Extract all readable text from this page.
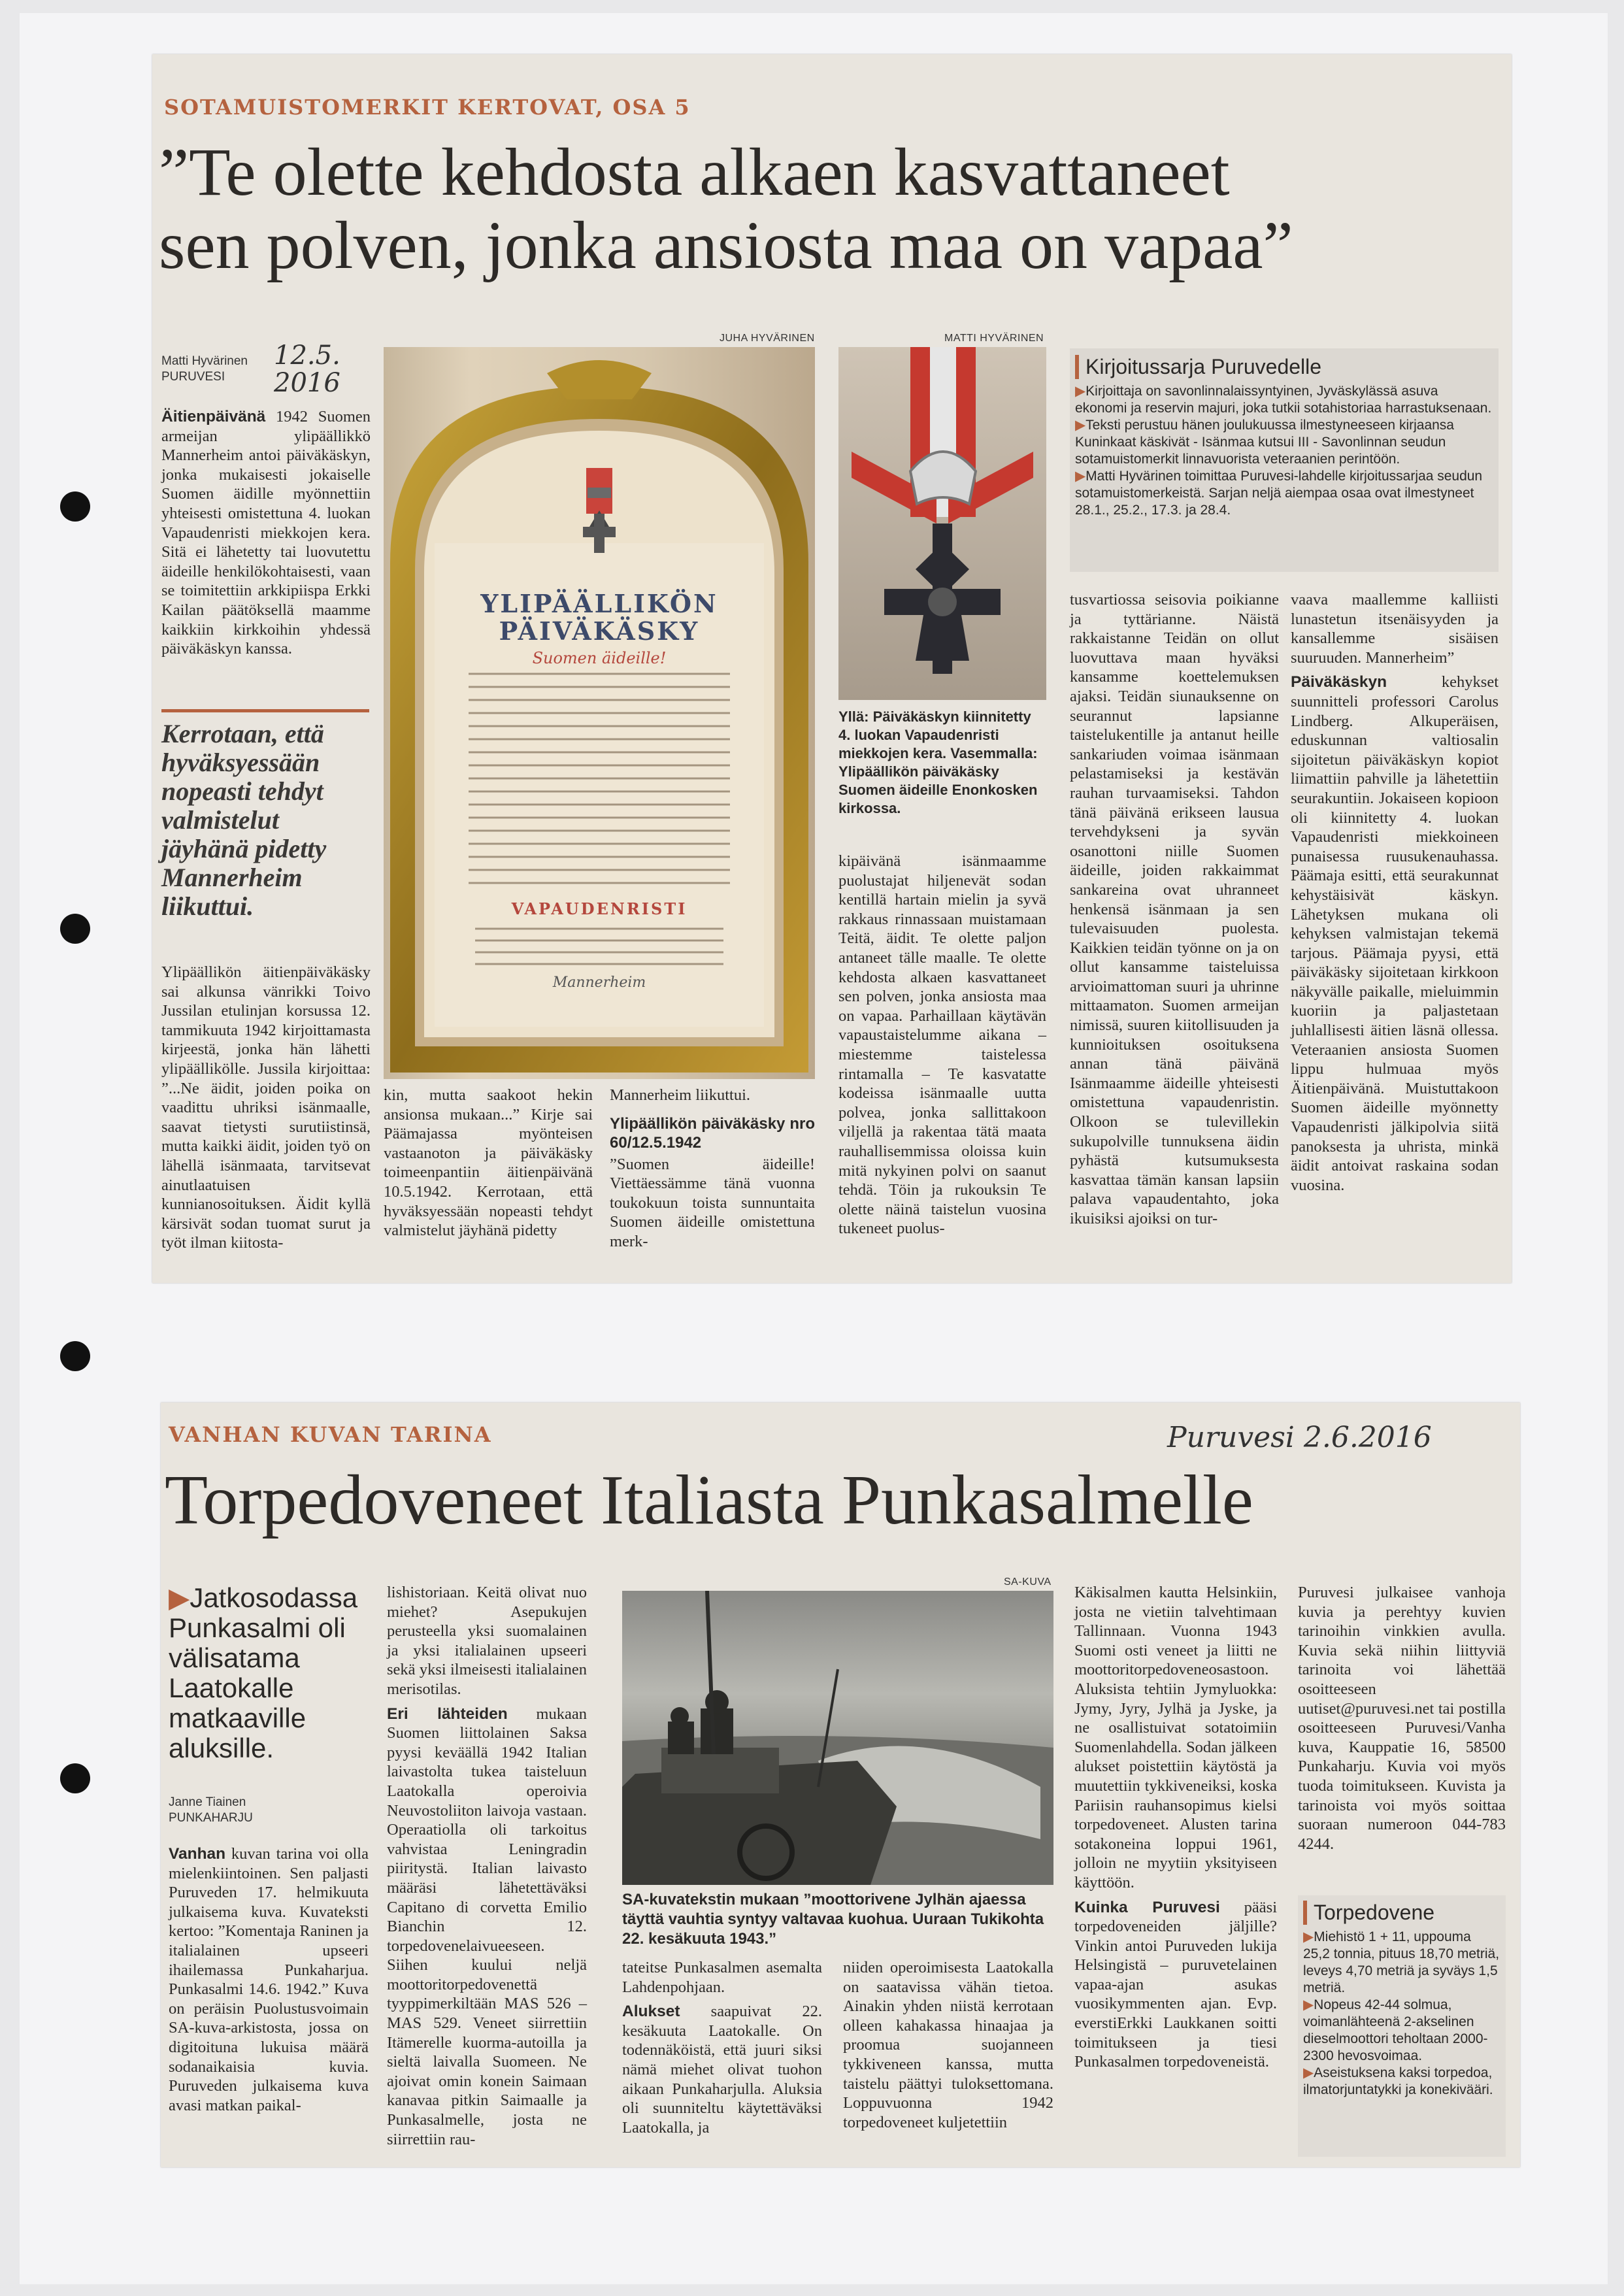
SOTAMUISTOMERKIT KERTOVAT, OSA 5
”Te olette kehdosta alkaen kasvattaneet
sen polven, jonka ansiosta maa on vapaa”
Matti Hyvärinen
PURUVESI
12.5.
2016

Äitienpäivänä 1942 Suomen armeijan ylipäällikkö Mannerheim antoi päiväkäskyn, jonka mukaisesti jokaiselle Suomen äidille myönnettiin yhteisesti omistettuna 4. luokan Vapaudenristi miekkojen kera. Sitä ei lähetetty tai luovutettu äideille henkilökohtaisesti, vaan se toimitettiin arkkipiispa Erkki Kailan päätöksellä maamme kaikkiin kirkkoihin yhdessä päiväkäskyn kanssa.

Kerrotaan, että hyväksyessään nopeasti tehdyt valmistelut jäyhänä pidetty Mannerheim liikuttui.

Ylipäällikön äitienpäiväkäsky sai alkunsa vänrikki Toivo Jussilan etulinjan korsussa 12. tammikuuta 1942 kirjoittamasta kirjeestä, jonka hän lähetti ylipäällikölle. Jussila kirjoittaa: ”...Ne äidit, joiden poika on vaadittu uhriksi isänmaalle, saavat tietysti surutiistinsä, mutta kaikki äidit, joiden työ on lähellä isänmaata, tarvitsevat ainutlaatuisen kunnianosoituksen. Äidit kyllä kärsivät sodan tuomat surut ja työt ilman kiitosta-

JUHA HYVÄRINEN
YLIPÄÄLLIKÖN
PÄIVÄKÄSKY
Suomen äideille!
VAPAUDENRISTI
Mannerheim

kin, mutta saakoot hekin ansionsa mukaan...” Kirje sai Päämajassa myönteisen vastaanoton ja päiväkäsky toimeenpantiin äitienpäivänä 10.5.1942. Kerrotaan, että hyväksyessään nopeasti tehdyt valmistelut jäyhänä pidetty

Mannerheim liikuttui.

Ylipäällikön päiväkäsky nro 60/12.5.1942

”Suomen äideille! Viettäessämme tänä vuonna toukokuun toista sunnuntaita Suomen äideille omistettuna merk-

MATTI HYVÄRINEN
Yllä: Päiväkäskyn kiinnitetty 4. luokan Vapaudenristi miekkojen kera. Vasemmalla: Ylipäällikön päiväkäsky Suomen äideille Enonkosken kirkossa.
Kirjoitussarja Puruvedelle
▶Kirjoittaja on savonlinnalaissyntyinen, Jyväskylässä asuva ekonomi ja reservin majuri, joka tutkii sotahistoriaa harrastuksenaan.
▶Teksti perustuu hänen joulukuussa ilmestyneeseen kirjaansa Kuninkaat käskivät - Isänmaa kutsui III - Savonlinnan seudun sotamuistomerkit linnavuorista veteraanien perintöön.
▶Matti Hyvärinen toimittaa Puruvesi-lahdelle kirjoitussarjaa seudun sotamuistomerkeistä. Sarjan neljä aiempaa osaa ovat ilmestyneet 28.1., 25.2., 17.3. ja 28.4.

kipäivänä isänmaamme puolustajat hiljenevät sodan kentillä hartain mielin ja syvä rakkaus rinnassaan muistamaan Teitä, äidit. Te olette paljon antaneet tälle maalle. Te olette kehdosta alkaen kasvattaneet sen polven, jonka ansiosta maa on vapaa. Parhaillaan käytävän vapaustaistelumme aikana – miestemme taistelessa rintamalla – Te kasvatatte kodeissa isänmaalle uutta polvea, jonka sallittakoon viljellä ja rakentaa tätä maata rauhallisemmissa oloissa kuin mitä nykyinen polvi on saanut tehdä. Töin ja rukouksin Te olette näinä taistelun vuosina tukeneet puolus-

tusvartiossa seisovia poikianne ja tyttärianne. Näistä rakkaistanne Teidän on ollut luovuttava maan hyväksi kansamme koettelemuksen ajaksi. Teidän siunauksenne on seurannut lapsianne taistelukentille ja antanut heille sankariuden voimaa isänmaan pelastamiseksi ja kestävän rauhan turvaamiseksi. Tahdon tänä päivänä erikseen lausua tervehdykseni ja syvän osanottoni niille Suomen äideille, joiden rakkaimmat sankareina ovat uhranneet henkensä isänmaan ja sen tulevaisuuden puolesta. Kaikkien teidän työnne on ja on ollut kansamme taisteluissa arvioimattoman suuri ja uhrinne mittaamaton. Suomen armeijan nimissä, suuren kiitollisuuden ja kunnioituksen osoituksena annan tänä päivänä Isänmaamme äideille yhteisesti omistettuna vapaudenristin. Olkoon se tulevillekin sukupolville tunnuksena äidin pyhästä kutsumuksesta kasvattaa tämän kansan lapsiin palava vapaudentahto, joka ikuisiksi ajoiksi on tur-

vaava maallemme kalliisti lunastetun itsenäisyyden ja kansallemme sisäisen suuruuden. Mannerheim”

Päiväkäskyn kehykset suunnitteli professori Carolus Lindberg. Alkuperäisen, eduskunnan valtiosalin sijoitetun päiväkäskyn kopiot liimattiin pahville ja lähetettiin seurakuntiin. Jokaiseen kopioon oli kiinnitetty 4. luokan Vapaudenristi miekkoineen punaisessa ruusukenauhassa. Päämaja esitti, että seurakunnat kehystäisivät käskyn. Lähetyksen mukana oli kehyksen valmistajan tekemä tarjous. Päämaja pyysi, että päiväkäsky sijoitetaan kirkkoon näkyvälle paikalle, mieluimmin kuoriin ja paljastetaan juhlallisesti äitien läsnä ollessa. Veteraanien ansiosta Suomen lippu hulmuaa myös Äitienpäivänä. Muistuttakoon Suomen äideille myönnetty Vapaudenristi jälkipolvia siitä panoksesta ja uhrista, minkä äidit antoivat raskaina sodan vuosina.

VANHAN KUVAN TARINA	Puruvesi 2.6.2016
Torpedoveneet Italiasta Punkasalmelle
▶Jatkosodassa Punkasalmi oli välisatama Laatokalle matkaaville aluksille.
Janne Tiainen
PUNKAHARJU

Vanhan kuvan tarina voi olla mielenkiintoinen. Sen paljasti Puruveden 17. helmikuuta julkaisema kuva. Kuvateksti kertoo: ”Komentaja Raninen ja italialainen upseeri ihailemassa Punkaharjua. Punkasalmi 14.6. 1942.” Kuva on peräisin Puolustusvoimain SA-kuva-arkistosta, jossa on digitoituna lukuisa määrä sodanaikaisia kuvia. Puruveden julkaisema kuva avasi matkan paikal-

lishistoriaan. Keitä olivat nuo miehet? Asepukujen perusteella yksi suomalainen ja yksi italialainen upseeri sekä yksi ilmeisesti italialainen merisotilas.

Eri lähteiden mukaan Suomen liittolainen Saksa pyysi keväällä 1942 Italian laivastolta tukea taisteluun Laatokalla operoivia Neuvostoliiton laivoja vastaan. Operaatiolla oli tarkoitus vahvistaa Leningradin piiritystä. Italian laivasto määräsi lähetettäväksi Capitano di corvetta Emilio Bianchin 12. torpedovenelaivueeseen. Siihen kuului neljä moottoritorpedovenettä tyyppimerkiltään MAS 526 – MAS 529. Veneet siirrettiin Itämerelle kuorma-autoilla ja sieltä laivalla Suomeen. Ne ajoivat omin konein Saimaan kanavaa pitkin Saimaalle ja Punkasalmelle, josta ne siirrettiin rau-

SA-KUVA
SA-kuvatekstin mukaan ”moottorivene Jylhän ajaessa täyttä vauhtia syntyy valtavaa kuohua. Uuraan Tukikohta 22. kesäkuuta 1943.”

tateitse Punkasalmen asemalta Lahdenpohjaan.

Alukset saapuivat 22. kesäkuuta Laatokalle. On todennäköistä, että juuri siksi nämä miehet olivat tuohon aikaan Punkaharjulla. Aluksia oli suunniteltu käytettäväksi Laatokalla, ja

niiden operoimisesta Laatokalla on saatavissa vähän tietoa. Ainakin yhden niistä kerrotaan olleen kahakassa hinaajaa ja proomua suojanneen tykkiveneen kanssa, mutta taistelu päättyi tuloksettomana. Loppuvuonna 1942 torpedoveneet kuljetettiin

Käkisalmen kautta Helsinkiin, josta ne vietiin talvehtimaan Tallinnaan. Vuonna 1943 Suomi osti veneet ja liitti ne moottoritorpedoveneosastoon. Aluksista tehtiin Jymyluokka: Jymy, Jyry, Jylhä ja Jyske, ja ne osallistuivat sotatoimiin Suomenlahdella. Sodan jälkeen alukset poistettiin käytöstä ja muutettiin tykkiveneiksi, koska Pariisin rauhansopimus kielsi torpedoveneet. Alusten tarina sotakoneina loppui 1961, jolloin ne myytiin yksityiseen käyttöön.

Kuinka Puruvesi pääsi torpedoveneiden jäljille? Vinkin antoi Puruveden lukija Helsingistä – puruvetelainen vapaa-ajan asukas vuosikymmenten ajan. Evp. everstiErkki Laukkanen soitti toimitukseen ja tiesi Punkasalmen torpedoveneistä.

Puruvesi julkaisee vanhoja kuvia ja perehtyy kuvien tarinoihin vinkkien avulla. Kuvia sekä niihin liittyviä tarinoita voi lähettää osoitteeseen uutiset@puruvesi.net tai postilla osoitteeseen Puruvesi/Vanha kuva, Kauppatie 16, 58500 Punkaharju. Kuvia voi myös tuoda toimitukseen. Kuvista ja tarinoista voi myös soittaa suoraan numeroon 044-783 4244.

Torpedovene
▶Miehistö 1 + 11, uppouma 25,2 tonnia, pituus 18,70 metriä, leveys 4,70 metriä ja syväys 1,5 metriä.
▶Nopeus 42-44 solmua, voimanlähteenä 2-akselinen dieselmoottori teholtaan 2000-2300 hevosvoimaa.
▶Aseistuksena kaksi torpedoa, ilmatorjuntatykki ja konekivääri.
